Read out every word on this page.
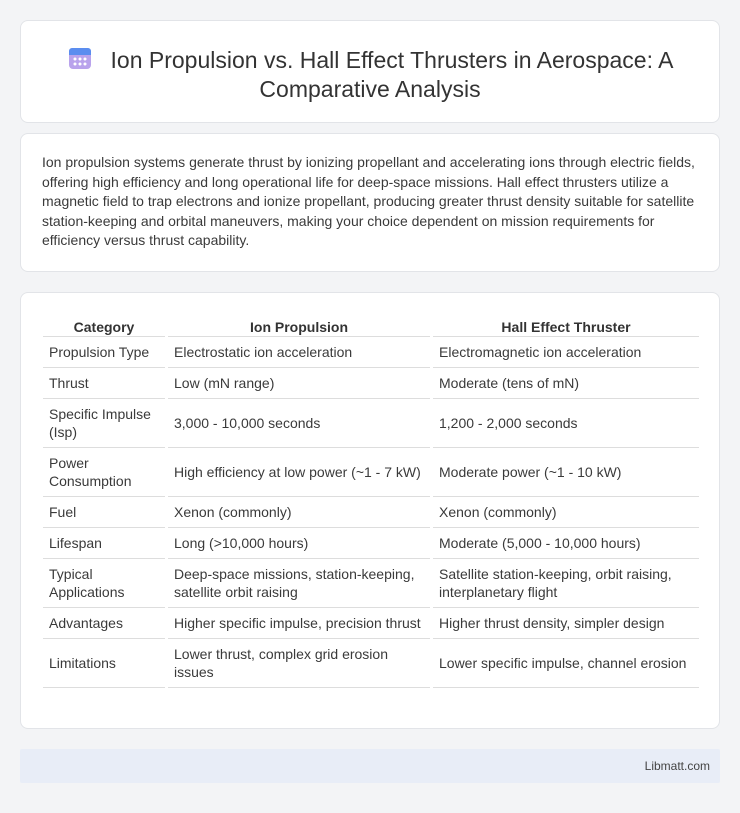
Ion Propulsion vs. Hall Effect Thrusters in Aerospace: A Comparative Analysis

Ion propulsion systems generate thrust by ionizing propellant and accelerating ions through electric fields, offering high efficiency and long operational life for deep-space missions. Hall effect thrusters utilize a magnetic field to trap electrons and ionize propellant, producing greater thrust density suitable for satellite station-keeping and orbital maneuvers, making your choice dependent on mission requirements for efficiency versus thrust capability.

Category	Ion Propulsion	Hall Effect Thruster
Propulsion Type	Electrostatic ion acceleration	Electromagnetic ion acceleration
Thrust	Low (mN range)	Moderate (tens of mN)
Specific Impulse (Isp)	3,000 - 10,000 seconds	1,200 - 2,000 seconds
Power Consumption	High efficiency at low power (~1 - 7 kW)	Moderate power (~1 - 10 kW)
Fuel	Xenon (commonly)	Xenon (commonly)
Lifespan	Long (>10,000 hours)	Moderate (5,000 - 10,000 hours)
Typical Applications	Deep-space missions, station-keeping, satellite orbit raising	Satellite station-keeping, orbit raising, interplanetary flight
Advantages	Higher specific impulse, precision thrust	Higher thrust density, simpler design
Limitations	Lower thrust, complex grid erosion issues	Lower specific impulse, channel erosion
Libmatt.com
